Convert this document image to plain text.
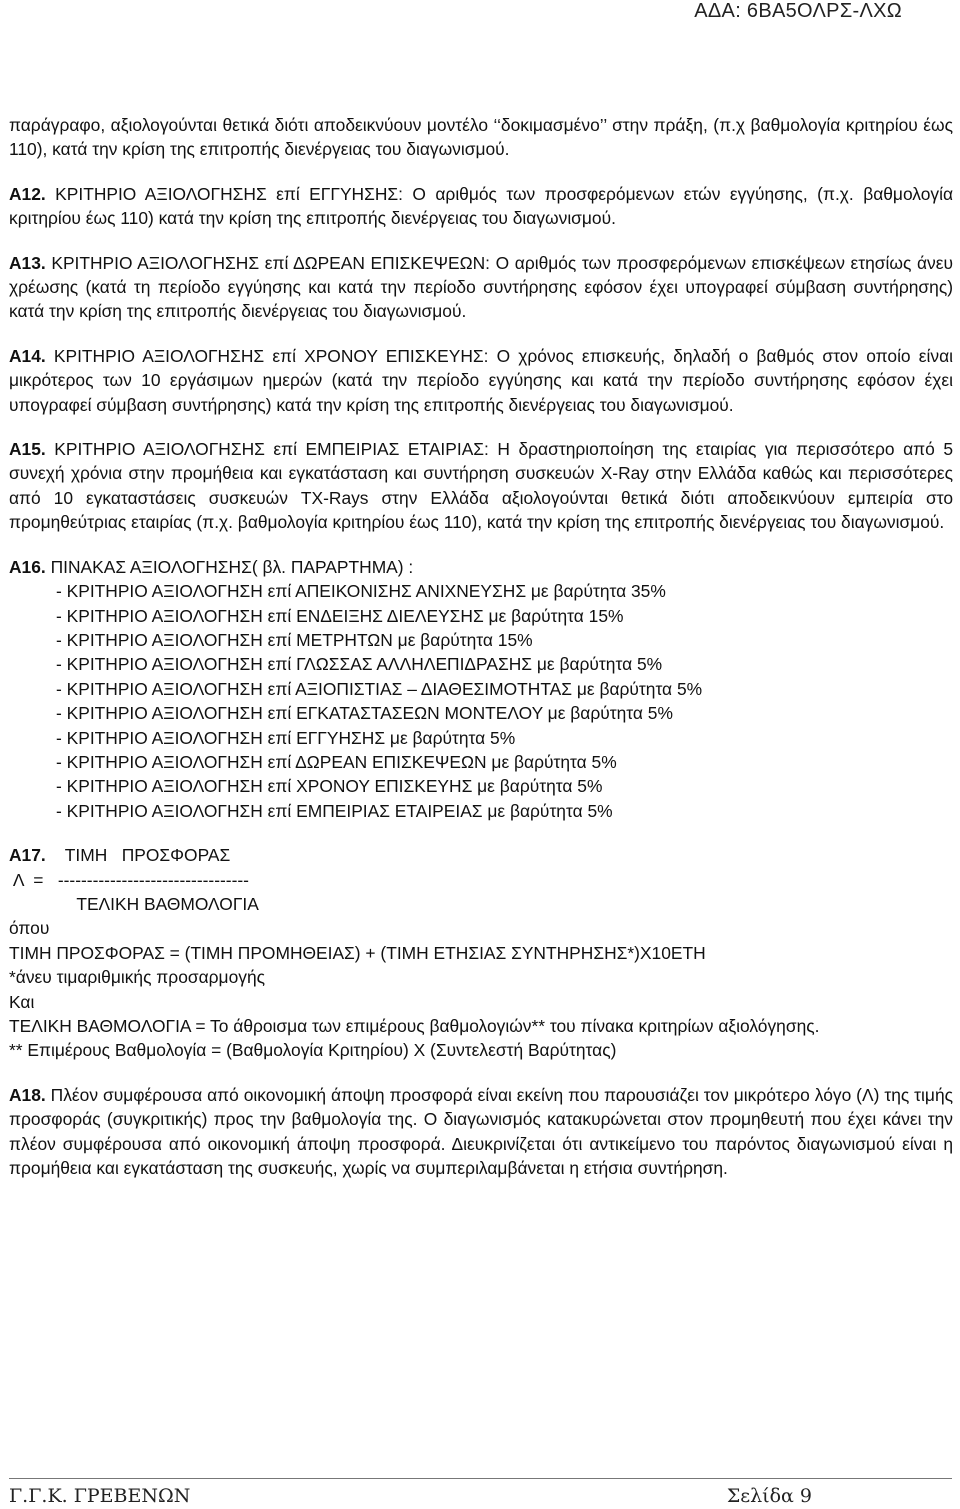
ΑΔΑ: 6ΒΑ5ΟΛΡΣ-ΛΧΩ

παράγραφο, αξιολογούνται θετικά διότι αποδεικνύουν μοντέλο ‘‘δοκιμασμένο’’ στην πράξη, (π.χ βαθμολογία κριτηρίου έως 110), κατά την κρίση της επιτροπής διενέργειας του διαγωνισμού.

Α12. ΚΡΙΤΗΡΙΟ ΑΞΙΟΛΟΓΗΣΗΣ επί ΕΓΓΥΗΣΗΣ: Ο αριθμός των προσφερόμενων ετών εγγύησης, (π.χ. βαθμολογία κριτηρίου έως 110) κατά την κρίση της επιτροπής διενέργειας του διαγωνισμού.

Α13. ΚΡΙΤΗΡΙΟ ΑΞΙΟΛΟΓΗΣΗΣ επί ΔΩΡΕΑΝ ΕΠΙΣΚΕΨΕΩΝ: Ο αριθμός των προσφερόμενων επισκέψεων ετησίως άνευ χρέωσης (κατά τη περίοδο εγγύησης και κατά την περίοδο συντήρησης εφόσον έχει υπογραφεί σύμβαση συντήρησης) κατά την κρίση της επιτροπής διενέργειας του διαγωνισμού.

Α14. ΚΡΙΤΗΡΙΟ ΑΞΙΟΛΟΓΗΣΗΣ επί ΧΡΟΝΟΥ ΕΠΙΣΚΕΥΗΣ: Ο χρόνος επισκευής, δηλαδή ο βαθμός στον οποίο είναι μικρότερος των 10 εργάσιμων ημερών (κατά την περίοδο εγγύησης και κατά την περίοδο συντήρησης εφόσον έχει υπογραφεί σύμβαση συντήρησης) κατά την κρίση της επιτροπής διενέργειας του διαγωνισμού.

Α15. ΚΡΙΤΗΡΙΟ ΑΞΙΟΛΟΓΗΣΗΣ επί ΕΜΠΕΙΡΙΑΣ ΕΤΑΙΡΙΑΣ: Η δραστηριοποίηση της εταιρίας για περισσότερο από 5 συνεχή χρόνια στην προμήθεια και εγκατάσταση και συντήρηση συσκευών X-Ray στην Ελλάδα καθώς και περισσότερες από 10 εγκαταστάσεις συσκευών TX-Rays στην Ελλάδα αξιολογούνται θετικά διότι αποδεικνύουν εμπειρία στο προμηθεύτριας εταιρίας (π.χ. βαθμολογία κριτηρίου έως 110), κατά την κρίση της επιτροπής διενέργειας του διαγωνισμού.

Α16. ΠΙΝΑΚΑΣ ΑΞΙΟΛΟΓΗΣΗΣ( βλ. ΠΑΡΑΡΤΗΜΑ) :

- ΚΡΙΤΗΡΙΟ ΑΞΙΟΛΟΓΗΣΗ επί ΑΠΕΙΚΟΝΙΣΗΣ ΑΝΙΧΝΕΥΣΗΣ με βαρύτητα 35%
- ΚΡΙΤΗΡΙΟ ΑΞΙΟΛΟΓΗΣΗ επί ΕΝΔΕΙΞΗΣ ΔΙΕΛΕΥΣΗΣ με βαρύτητα 15%
- ΚΡΙΤΗΡΙΟ ΑΞΙΟΛΟΓΗΣΗ επί ΜΕΤΡΗΤΩΝ με βαρύτητα 15%
- ΚΡΙΤΗΡΙΟ ΑΞΙΟΛΟΓΗΣΗ επί ΓΛΩΣΣΑΣ ΑΛΛΗΛΕΠΙΔΡΑΣΗΣ με βαρύτητα 5%
- ΚΡΙΤΗΡΙΟ ΑΞΙΟΛΟΓΗΣΗ επί ΑΞΙΟΠΙΣΤΙΑΣ – ΔΙΑΘΕΣΙΜΟΤΗΤΑΣ με βαρύτητα 5%
- ΚΡΙΤΗΡΙΟ ΑΞΙΟΛΟΓΗΣΗ επί ΕΓΚΑΤΑΣΤΑΣΕΩΝ ΜΟΝΤΕΛΟΥ με βαρύτητα 5%
- ΚΡΙΤΗΡΙΟ ΑΞΙΟΛΟΓΗΣΗ επί ΕΓΓΥΗΣΗΣ με βαρύτητα 5%
- ΚΡΙΤΗΡΙΟ ΑΞΙΟΛΟΓΗΣΗ επί ΔΩΡΕΑΝ ΕΠΙΣΚΕΨΕΩΝ με βαρύτητα 5%
- ΚΡΙΤΗΡΙΟ ΑΞΙΟΛΟΓΗΣΗ επί ΧΡΟΝΟΥ ΕΠΙΣΚΕΥΗΣ με βαρύτητα 5%
- ΚΡΙΤΗΡΙΟ ΑΞΙΟΛΟΓΗΣΗ επί ΕΜΠΕΙΡΙΑΣ ΕΤΑΙΡΕΙΑΣ με βαρύτητα 5%
Α17.    ΤΙΜΗ   ΠΡΟΣΦΟΡΑΣ
Λ  =   ---------------------------------
ΤΕΛΙΚΗ ΒΑΘΜΟΛΟΓΙΑ
όπου
ΤΙΜΗ ΠΡΟΣΦΟΡΑΣ = (ΤΙΜΗ ΠΡΟΜΗΘΕΙΑΣ) + (ΤΙΜΗ ΕΤΗΣΙΑΣ ΣΥΝΤΗΡΗΣΗΣ*)Χ10ΕΤΗ
*άνευ τιμαριθμικής προσαρμογής
Και

ΤΕΛΙΚΗ ΒΑΘΜΟΛΟΓΙΑ = Το άθροισμα των επιμέρους βαθμολογιών** του πίνακα κριτηρίων αξιολόγησης.

** Επιμέρους Βαθμολογία = (Βαθμολογία Κριτηρίου) Χ (Συντελεστή Βαρύτητας)

Α18. Πλέον συμφέρουσα από οικονομική άποψη προσφορά είναι εκείνη που παρουσιάζει τον μικρότερο λόγο (Λ) της τιμής προσφοράς (συγκριτικής) προς την βαθμολογία της. Ο διαγωνισμός κατακυρώνεται στον προμηθευτή που έχει κάνει την πλέον συμφέρουσα από οικονομική άποψη προσφορά. Διευκρινίζεται ότι αντικείμενο του παρόντος διαγωνισμού είναι η προμήθεια και εγκατάσταση της συσκευής, χωρίς να συμπεριλαμβάνεται η ετήσια συντήρηση.

Γ.Γ.Κ. ΓΡΕΒΕΝΩΝ	Σελίδα 9
